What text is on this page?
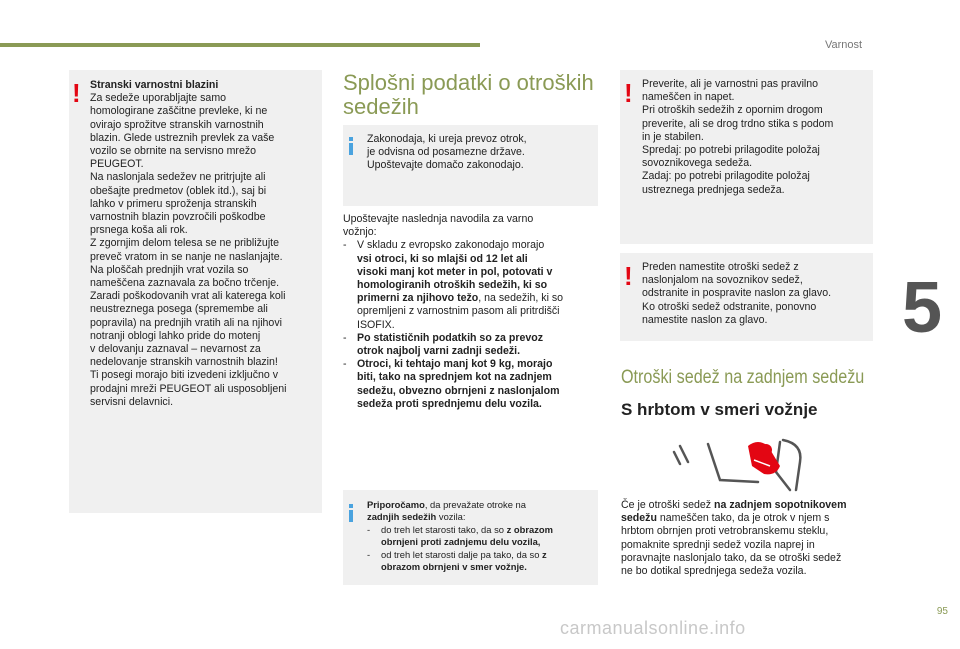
Varnost
5
95
carmanualsonline.info
! Stranski varnostni blazini

Za sedeže uporabljajte samo

homologirane zaščitne prevleke, ki ne

ovirajo sprožitve stranskih varnostnih

blazin. Glede ustreznih prevlek za vaše

vozilo se obrnite na servisno mrežo

PEUGEOT.

Na naslonjala sedežev ne pritrjujte ali

obešajte predmetov (oblek itd.), saj bi

lahko v primeru sproženja stranskih

varnostnih blazin povzročili poškodbe

prsnega koša ali rok.

Z zgornjim delom telesa se ne približujte

preveč vratom in se nanje ne naslanjajte.

Na ploščah prednjih vrat vozila so

nameščena zaznavala za bočno trčenje.

Zaradi poškodovanih vrat ali katerega koli

neustreznega posega (spremembe ali

popravila) na prednjih vratih ali na njihovi

notranji oblogi lahko pride do motenj

v delovanju zaznaval – nevarnost za

nedelovanje stranskih varnostnih blazin!

Ti posegi morajo biti izvedeni izključno v

prodajni mreži PEUGEOT ali usposobljeni

servisni delavnici.

Splošni podatki o otroških
sedežih

Zakonodaja, ki ureja prevoz otrok,

je odvisna od posamezne države.

Upoštevajte domačo zakonodajo.

Upoštevajte naslednja navodila za varno

vožnjo:

- V skladu z evropsko zakonodajo morajo

vsi otroci, ki so mlajši od 12 let ali

visoki manj kot meter in pol, potovati v

homologiranih otroških sedežih, ki so

primerni za njihovo težo, na sedežih, ki so

opremljeni z varnostnim pasom ali pritrdišči

ISOFIX.

- Po statističnih podatkih so za prevoz

otrok najbolj varni zadnji sedeži.

- Otroci, ki tehtajo manj kot 9 kg, morajo

biti, tako na sprednjem kot na zadnjem

sedežu, obvezno obrnjeni z naslonjalom

sedeža proti sprednjemu delu vozila.

Priporočamo, da prevažate otroke na

zadnjih sedežih vozila:

-	do treh let starosti tako, da so z obrazom

obrnjeni proti zadnjemu delu vozila,

-	od treh let starosti dalje pa tako, da so z

obrazom obrnjeni v smer vožnje.

! Preverite, ali je varnostni pas pravilno

nameščen in napet.

Pri otroških sedežih z opornim drogom

preverite, ali se drog trdno stika s podom

in je stabilen.

Spredaj: po potrebi prilagodite položaj

sovoznikovega sedeža.

Zadaj: po potrebi prilagodite položaj

ustreznega prednjega sedeža.

! Preden namestite otroški sedež z

naslonjalom na sovoznikov sedež,

odstranite in pospravite naslon za glavo.

Ko otroški sedež odstranite, ponovno

namestite naslon za glavo.

Otroški sedež na zadnjem sedežu
S hrbtom v smeri vožnje

Če je otroški sedež na zadnjem sopotnikovem

sedežu nameščen tako, da je otrok v njem s

hrbtom obrnjen proti vetrobranskemu steklu,

pomaknite sprednji sedež vozila naprej in

poravnajte naslonjalo tako, da se otroški sedež

ne bo dotikal sprednjega sedeža vozila.
